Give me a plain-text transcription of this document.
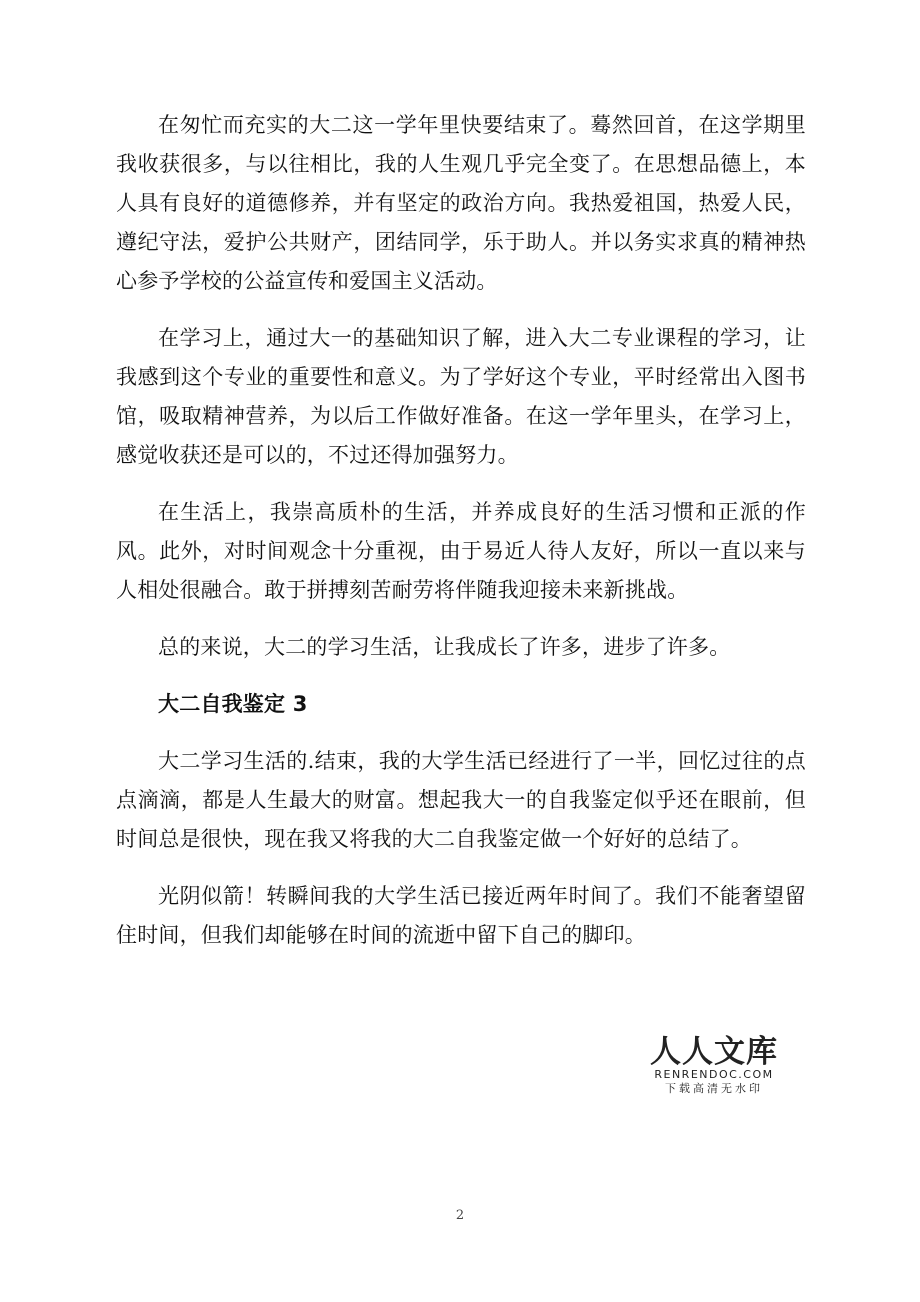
在匆忙而充实的大二这一学年里快要结束了。蓦然回首，在这学期里我收获很多，与以往相比，我的人生观几乎完全变了。在思想品德上，本人具有良好的道德修养，并有坚定的政治方向。我热爱祖国，热爱人民，遵纪守法，爱护公共财产，团结同学，乐于助人。并以务实求真的精神热心参予学校的公益宣传和爱国主义活动。

在学习上，通过大一的基础知识了解，进入大二专业课程的学习，让我感到这个专业的重要性和意义。为了学好这个专业，平时经常出入图书馆，吸取精神营养，为以后工作做好准备。在这一学年里头，在学习上，感觉收获还是可以的，不过还得加强努力。

在生活上，我崇高质朴的生活，并养成良好的生活习惯和正派的作风。此外，对时间观念十分重视，由于易近人待人友好，所以一直以来与人相处很融合。敢于拼搏刻苦耐劳将伴随我迎接未来新挑战。

总的来说，大二的学习生活，让我成长了许多，进步了许多。

大二自我鉴定 3

大二学习生活的.结束，我的大学生活已经进行了一半，回忆过往的点点滴滴，都是人生最大的财富。想起我大一的自我鉴定似乎还在眼前，但时间总是很快，现在我又将我的大二自我鉴定做一个好好的总结了。

光阴似箭！转瞬间我的大学生活已接近两年时间了。我们不能奢望留住时间，但我们却能够在时间的流逝中留下自己的脚印。

人人文库
RENRENDOC.COM
下载高清无水印
2
